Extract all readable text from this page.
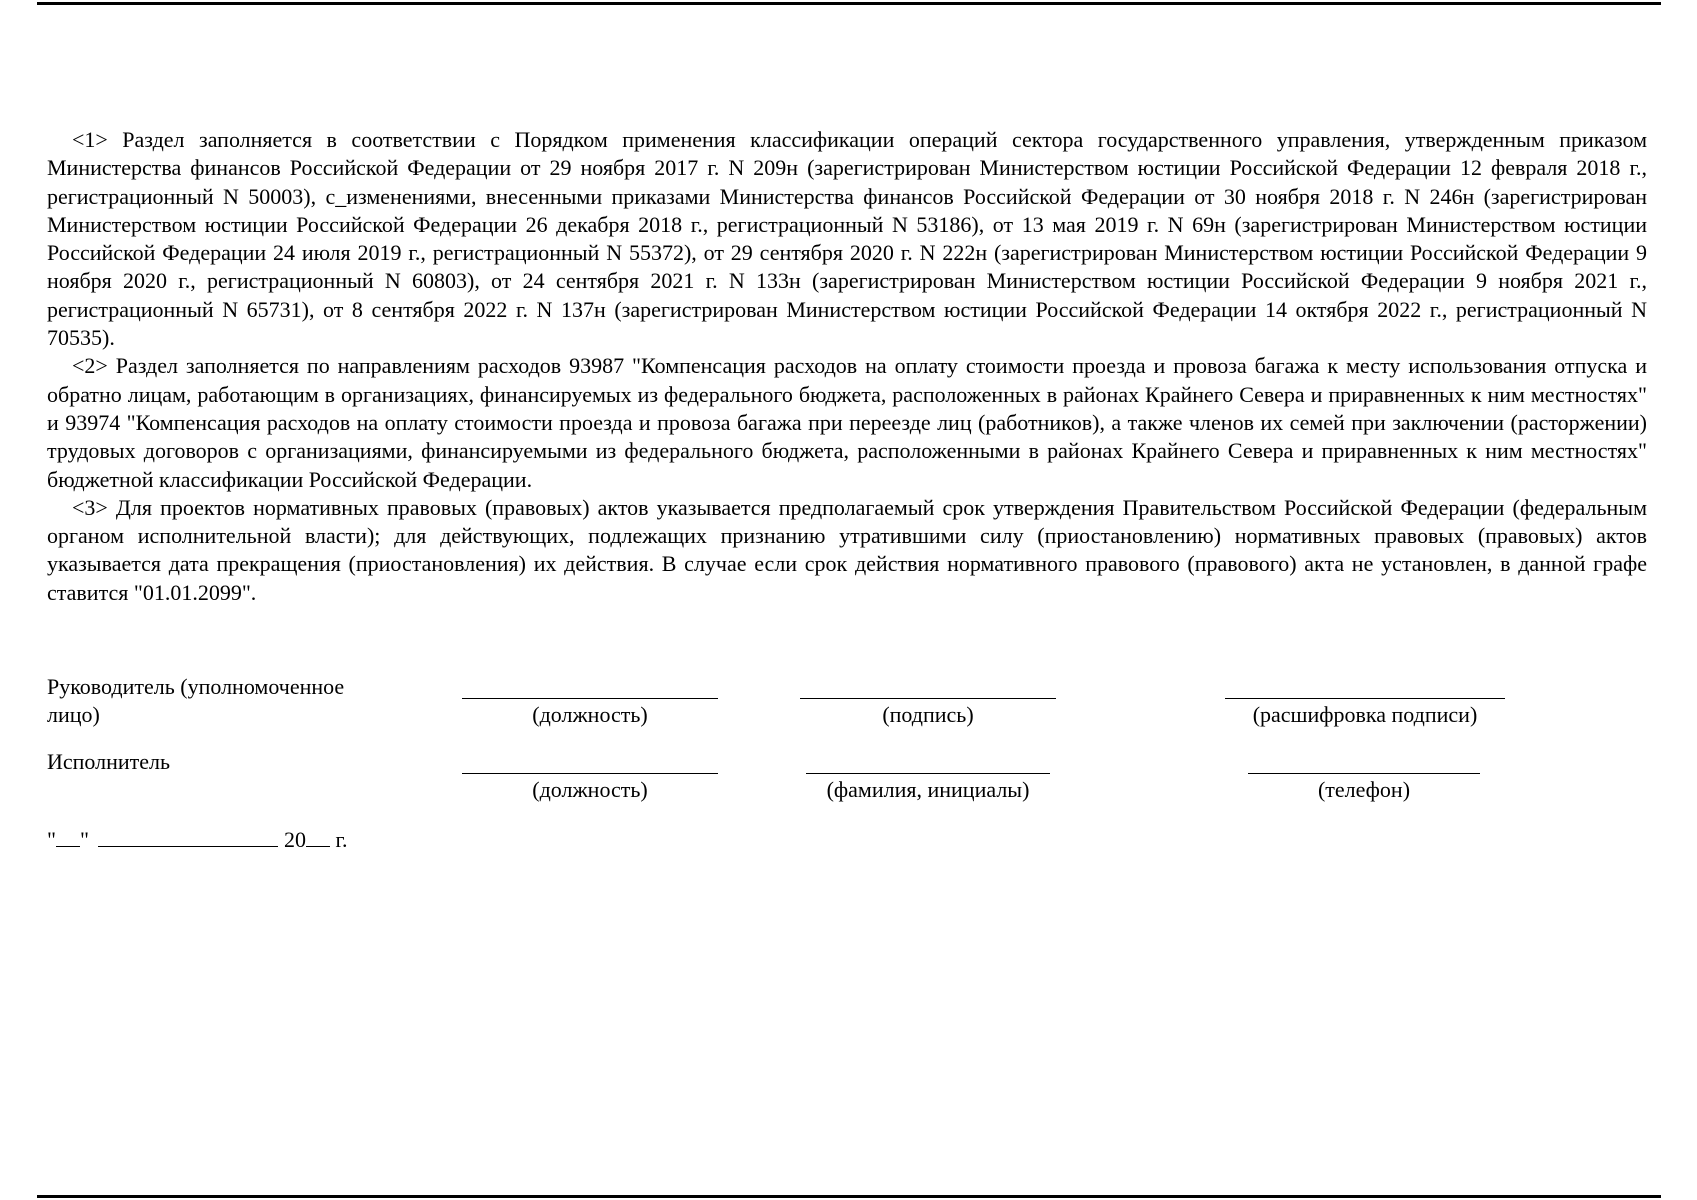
<1> Раздел заполняется в соответствии с Порядком применения классификации операций сектора государственного управления, утвержденным приказом Министерства финансов Российской Федерации от 29 ноября 2017 г. N 209н (зарегистрирован Министерством юстиции Российской Федерации 12 февраля 2018 г., регистрационный N 50003), с_изменениями, внесенными приказами Министерства финансов Российской Федерации от 30 ноября 2018 г. N 246н (зарегистрирован Министерством юстиции Российской Федерации 26 декабря 2018 г., регистрационный N 53186), от 13 мая 2019 г. N 69н (зарегистрирован Министерством юстиции Российской Федерации 24 июля 2019 г., регистрационный N 55372), от 29 сентября 2020 г. N 222н (зарегистрирован Министерством юстиции Российской Федерации 9 ноября 2020 г., регистрационный N 60803), от 24 сентября 2021 г. N 133н (зарегистрирован Министерством юстиции Российской Федерации 9 ноября 2021 г., регистрационный N 65731), от 8 сентября 2022 г. N 137н (зарегистрирован Министерством юстиции Российской Федерации 14 октября 2022 г., регистрационный N 70535).

<2> Раздел заполняется по направлениям расходов 93987 "Компенсация расходов на оплату стоимости проезда и провоза багажа к месту использования отпуска и обратно лицам, работающим в организациях, финансируемых из федерального бюджета, расположенных в районах Крайнего Севера и приравненных к ним местностях" и 93974 "Компенсация расходов на оплату стоимости проезда и провоза багажа при переезде лиц (работников), а также членов их семей при заключении (расторжении) трудовых договоров с организациями, финансируемыми из федерального бюджета, расположенными в районах Крайнего Севера и приравненных к ним местностях" бюджетной классификации Российской Федерации.

<3> Для проектов нормативных правовых (правовых) актов указывается предполагаемый срок утверждения Правительством Российской Федерации (федеральным органом исполнительной власти); для действующих, подлежащих признанию утратившими силу (приостановлению) нормативных правовых (правовых) актов указывается дата прекращения (приостановления) их действия. В случае если срок действия нормативного правового (правового) акта не установлен, в данной графе ставится "01.01.2099".

Руководитель (уполномоченное
лицо)	(должность)	(подпись)	(расшифровка подписи)
Исполнитель
(должность)	(фамилия, инициалы)	(телефон)
" "	20 г.
